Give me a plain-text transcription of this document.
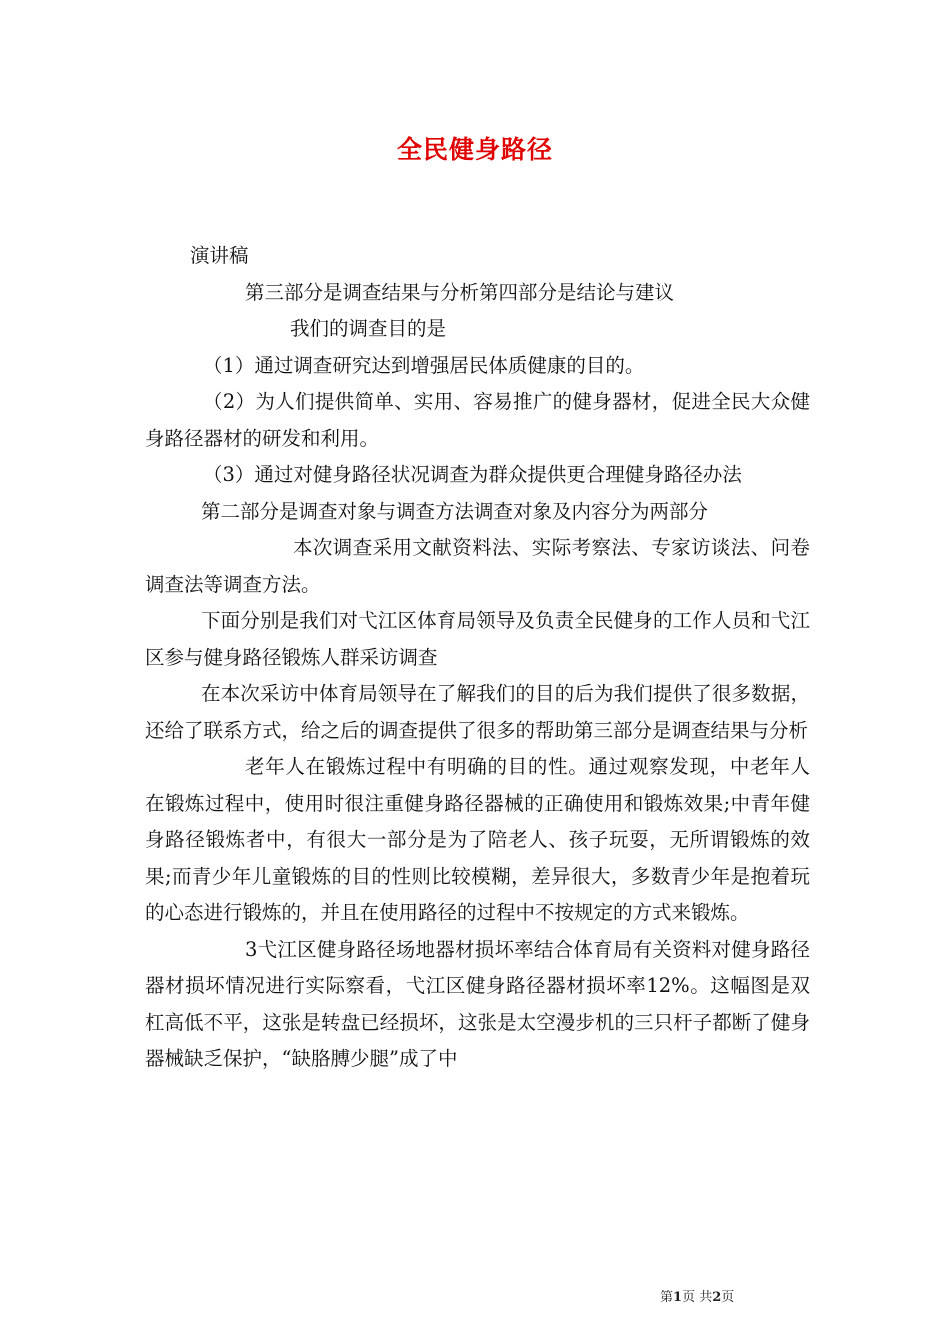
全民健身路径

演讲稿

第三部分是调查结果与分析第四部分是结论与建议

我们的调查目的是

（1）通过调查研究达到增强居民体质健康的目的。

（2）为人们提供简单、实用、容易推广的健身器材，促进全民大众健身路径器材的研发和利用。

（3）通过对健身路径状况调查为群众提供更合理健身路径办法

第二部分是调查对象与调查方法调查对象及内容分为两部分

本次调查采用文献资料法、实际考察法、专家访谈法、问卷调查法等调查方法。

下面分别是我们对弋江区体育局领导及负责全民健身的工作人员和弋江区参与健身路径锻炼人群采访调查

在本次采访中体育局领导在了解我们的目的后为我们提供了很多数据，还给了联系方式，给之后的调查提供了很多的帮助第三部分是调查结果与分析

老年人在锻炼过程中有明确的目的性。通过观察发现，中老年人在锻炼过程中，使用时很注重健身路径器械的正确使用和锻炼效果;中青年健身路径锻炼者中，有很大一部分是为了陪老人、孩子玩耍，无所谓锻炼的效果;而青少年儿童锻炼的目的性则比较模糊，差异很大，多数青少年是抱着玩的心态进行锻炼的，并且在使用路径的过程中不按规定的方式来锻炼。

3弋江区健身路径场地器材损坏率结合体育局有关资料对健身路径器材损坏情况进行实际察看，弋江区健身路径器材损坏率12%。这幅图是双杠高低不平，这张是转盘已经损坏，这张是太空漫步机的三只杆子都断了健身器械缺乏保护，“缺胳膊少腿”成了中

第1页 共2页
